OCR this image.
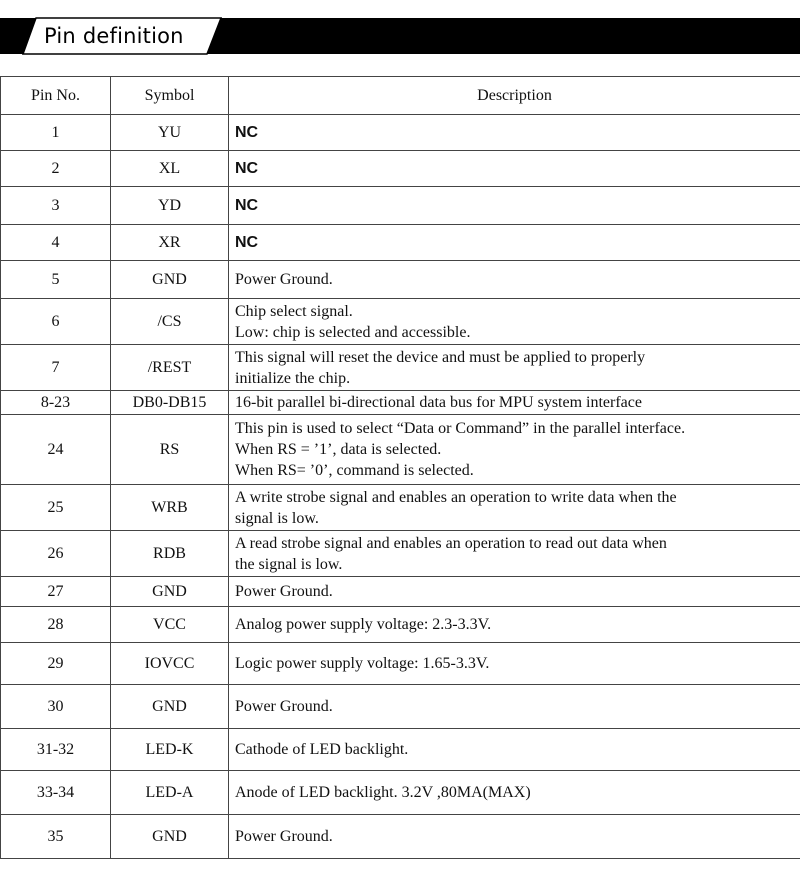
Pin definition
Pin No.	Symbol	Description
1	YU	NC

2	XL	NC

3	YD	NC

4	XR	NC

5	GND	Power Ground.

6	/CS	Chip select signal.
Low: chip is selected and accessible.

7	/REST	This signal will reset the device and must be applied to properly
initialize the chip.

8-23	DB0-DB15	16-bit parallel bi-directional data bus for MPU system interface

24	RS	This pin is used to select “Data or Command” in the parallel interface.
When RS = ’1’, data is selected.
When RS= ’0’, command is selected.

25	WRB	A write strobe signal and enables an operation to write data when the
signal is low.

26	RDB	A read strobe signal and enables an operation to read out data when
the signal is low.

27	GND	Power Ground.

28	VCC	Analog power supply voltage: 2.3-3.3V.

29	IOVCC	Logic power supply voltage: 1.65-3.3V.

30	GND	Power Ground.

31-32	LED-K	Cathode of LED backlight.

33-34	LED-A	Anode of LED backlight. 3.2V ,80MA(MAX)

35	GND	Power Ground.
